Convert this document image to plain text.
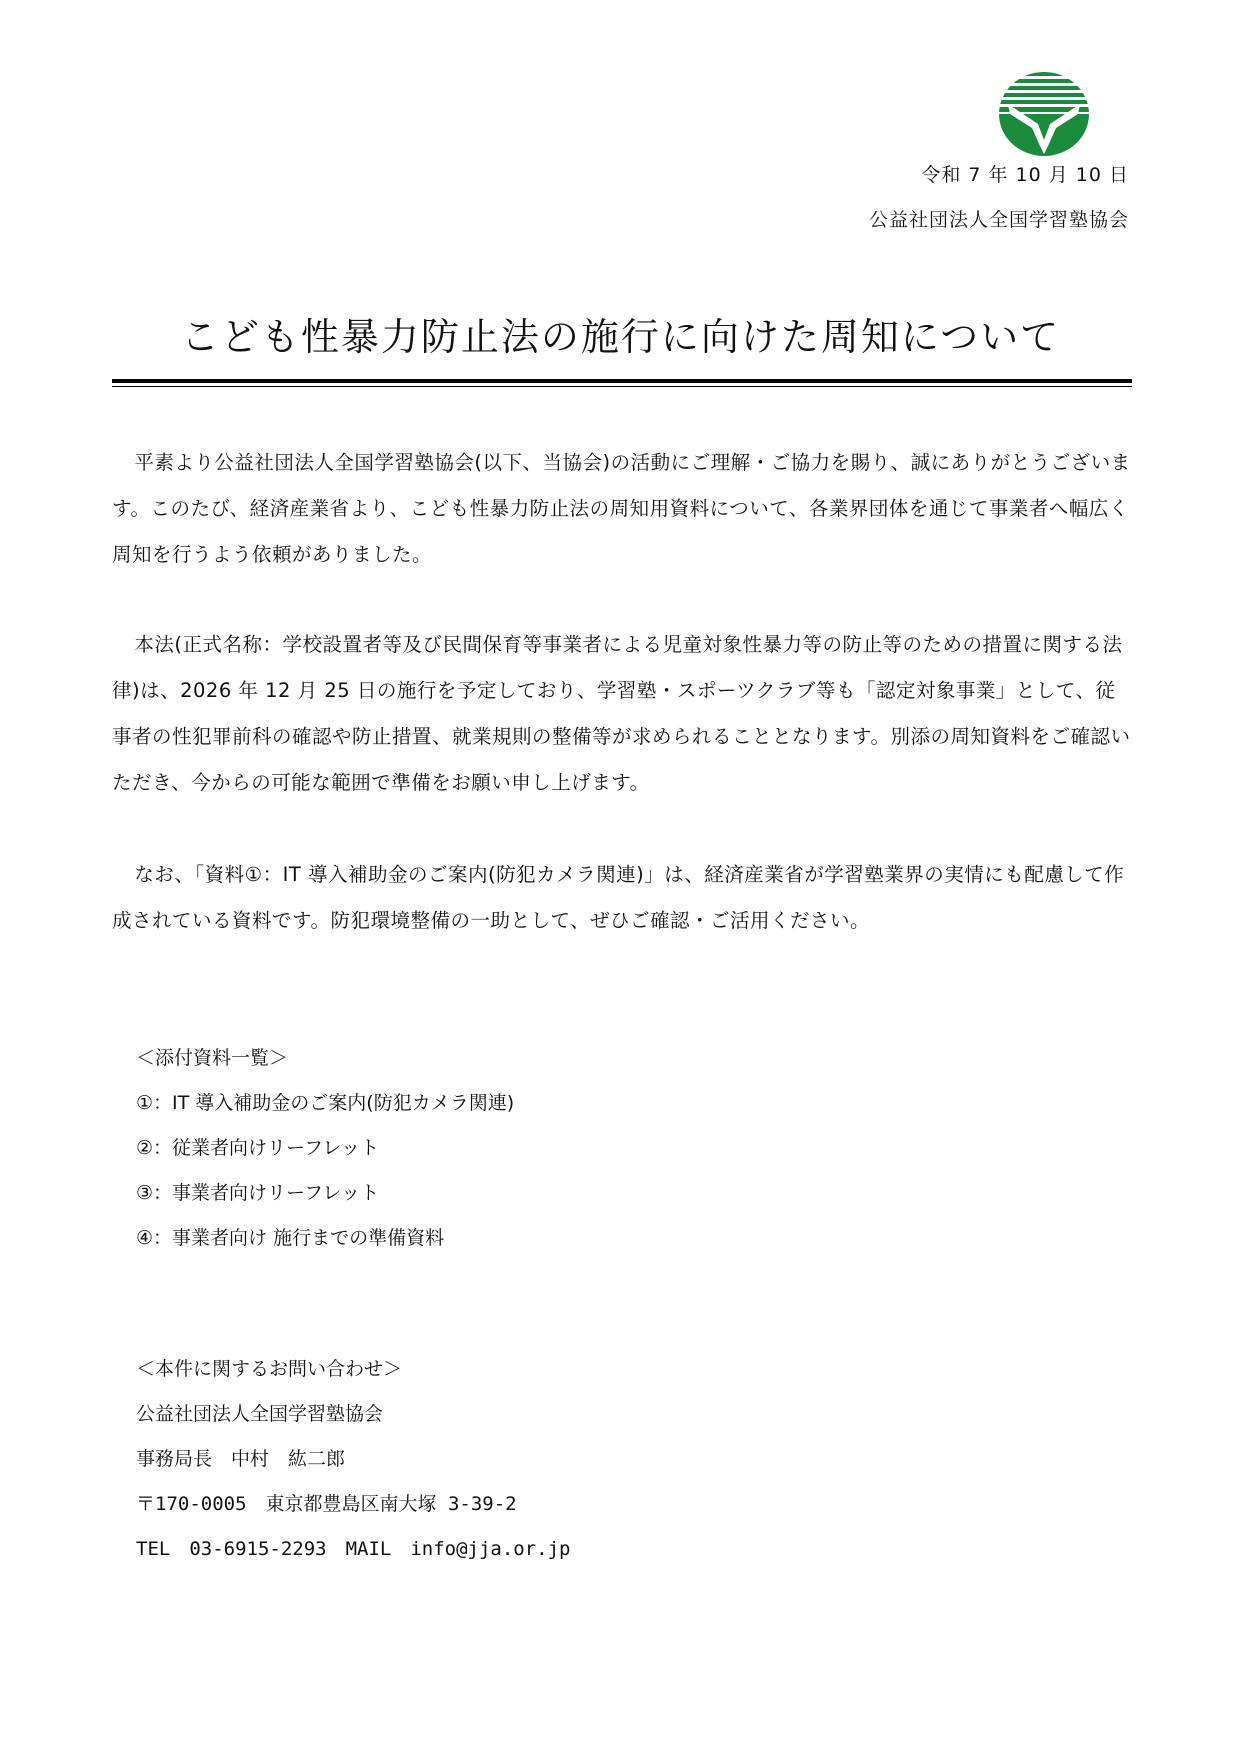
令和 7 年 10 月 10 日
公益社団法人全国学習塾協会
こども性暴力防止法の施行に向けた周知について

平素より公益社団法人全国学習塾協会(以下、当協会)の活動にご理解・ご協力を賜り、誠にありがとうございます。このたび、経済産業省より、こども性暴力防止法の周知用資料について、各業界団体を通じて事業者へ幅広く周知を行うよう依頼がありました。

本法(正式名称：学校設置者等及び民間保育等事業者による児童対象性暴力等の防止等のための措置に関する法律)は、2026 年 12 月 25 日の施行を予定しており、学習塾・スポーツクラブ等も「認定対象事業」として、従事者の性犯罪前科の確認や防止措置、就業規則の整備等が求められることとなります。別添の周知資料をご確認いただき、今からの可能な範囲で準備をお願い申し上げます。

なお、「資料①：IT 導入補助金のご案内(防犯カメラ関連)」は、経済産業省が学習塾業界の実情にも配慮して作成されている資料です。防犯環境整備の一助として、ぜひご確認・ご活用ください。

＜添付資料一覧＞
①：IT 導入補助金のご案内(防犯カメラ関連)
②：従業者向けリーフレット
③：事業者向けリーフレット
④：事業者向け 施行までの準備資料
＜本件に関するお問い合わせ＞
公益社団法人全国学習塾協会
事務局長　中村　紘二郎
〒170-0005　東京都豊島区南大塚 3-39-2
TEL　03-6915-2293　MAIL　info@jja.or.jp
